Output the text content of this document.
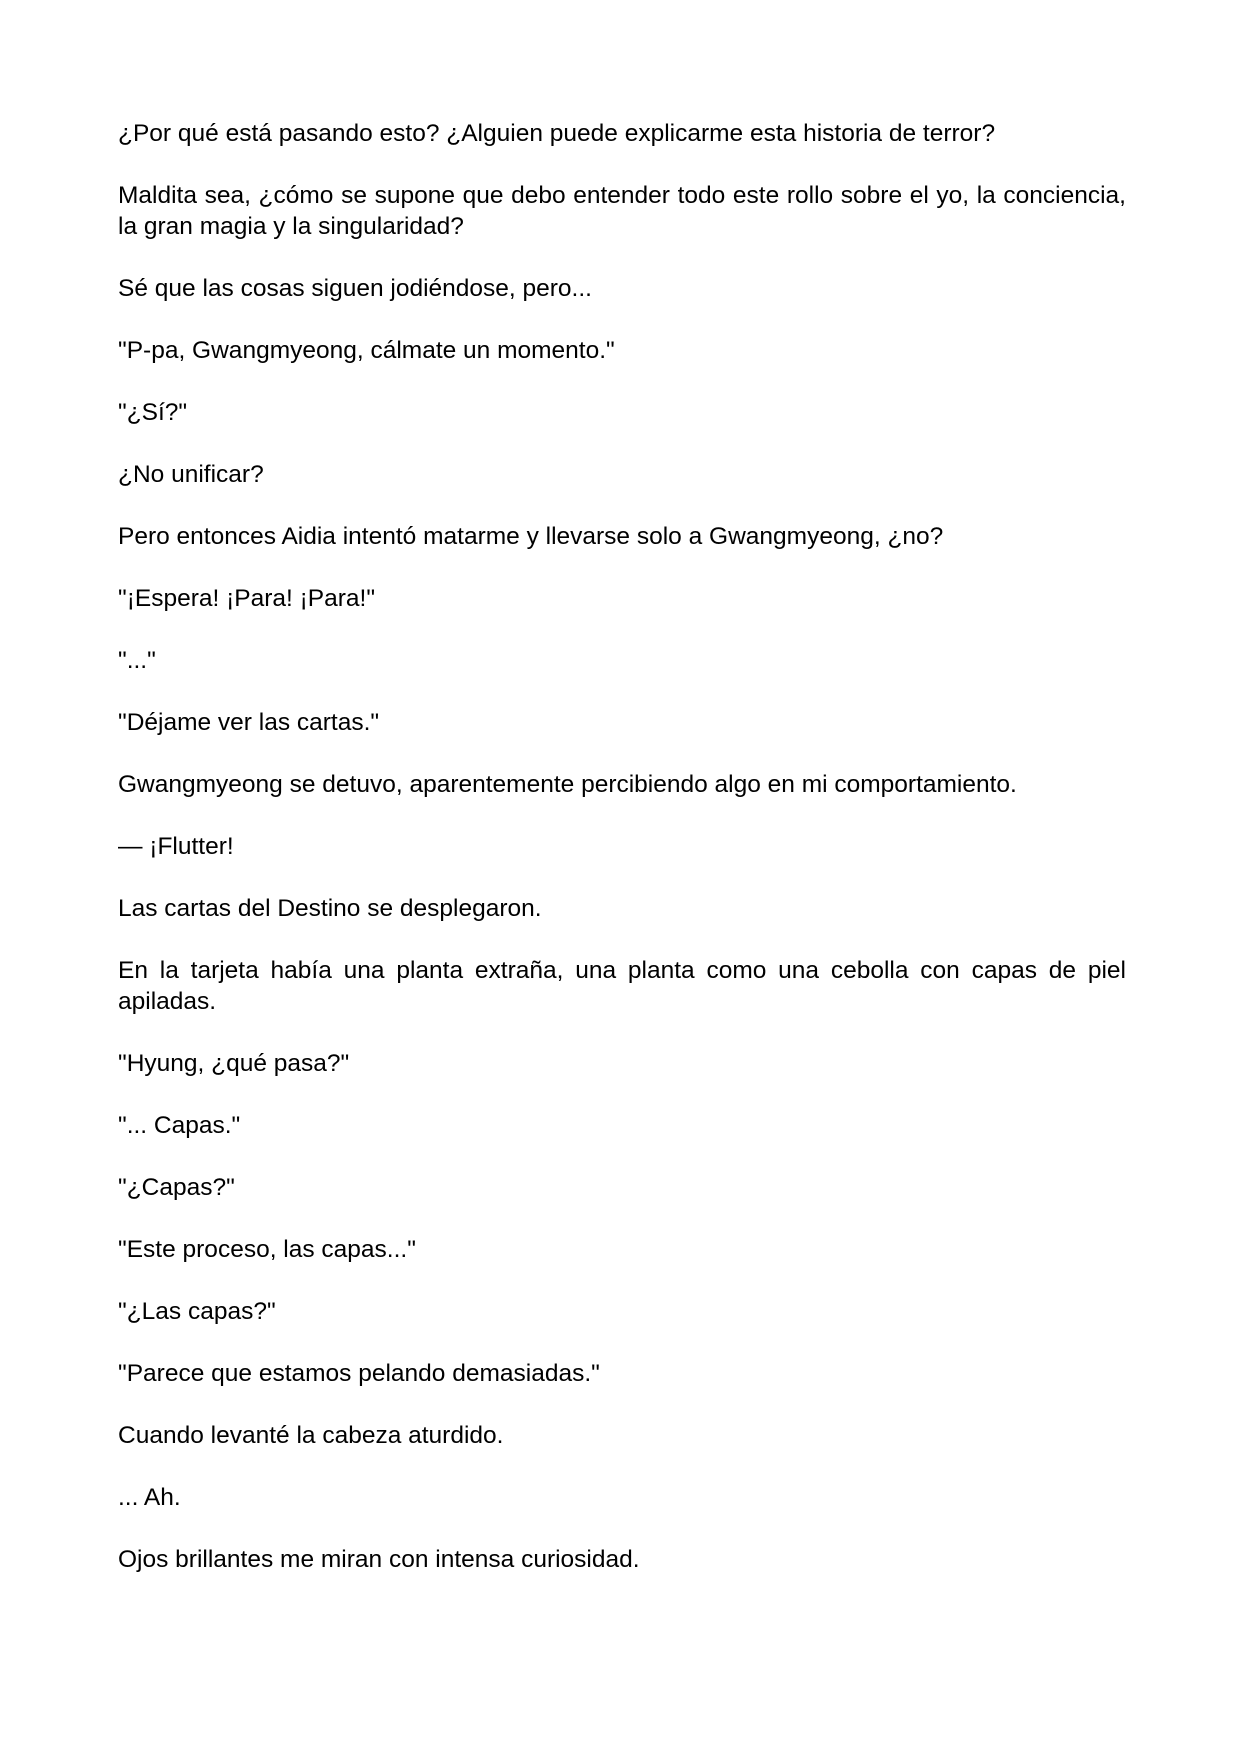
¿Por qué está pasando esto? ¿Alguien puede explicarme esta historia de terror?

Maldita sea, ¿cómo se supone que debo entender todo este rollo sobre el yo, la conciencia, la gran magia y la singularidad?

Sé que las cosas siguen jodiéndose, pero...

"P-pa, Gwangmyeong, cálmate un momento."

"¿Sí?"

¿No unificar?

Pero entonces Aidia intentó matarme y llevarse solo a Gwangmyeong, ¿no?

"¡Espera! ¡Para! ¡Para!"

"..."

"Déjame ver las cartas."

Gwangmyeong se detuvo, aparentemente percibiendo algo en mi comportamiento.

— ¡Flutter!

Las cartas del Destino se desplegaron.

En la tarjeta había una planta extraña, una planta como una cebolla con capas de piel apiladas.

"Hyung, ¿qué pasa?"

"... Capas."

"¿Capas?"

"Este proceso, las capas..."

"¿Las capas?"

"Parece que estamos pelando demasiadas."

Cuando levanté la cabeza aturdido.

... Ah.

Ojos brillantes me miran con intensa curiosidad.
